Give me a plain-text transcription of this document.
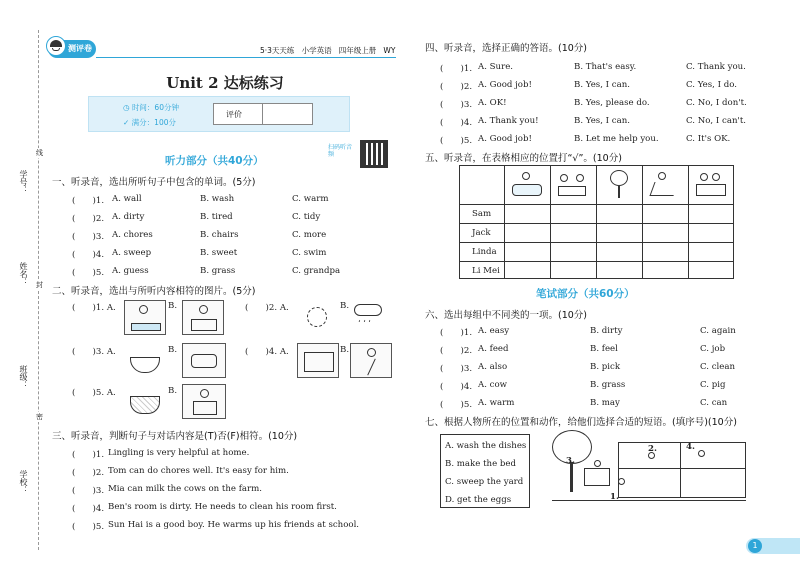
线
封
密
学号：
姓名：
班级：
学校：
测评卷	5·3天天练 小学英语 四年级上册 WY
Unit 2 达标练习
◷ 时间：60分钟
✓ 满分：100分
评价
扫码听音频
听力部分（共40分）
一、听录音，选出所听句子中包含的单词。(5分)
(　　)1. A. wall	B. wash	C. warm
(　　)2. A. dirty	B. tired	C. tidy
(　　)3. A. chores	B. chairs	C. more
(　　)4. A. sweep	B. sweet	C. swim
(　　)5. A. guess	B. grass	C. grandpa
二、听录音，选出与所听内容相符的图片。(5分)
(　　)1. A.	B.	(　　)2. A.	B.
ʻ ʻ ʻ
(　　)3. A.	B.	(　　)4. A.	B.
(　　)5. A.	B.
三、听录音，判断句子与对话内容是(T)否(F)相符。(10分)
(　　)1. Lingling is very helpful at home.
(　　)2. Tom can do chores well. It's easy for him.
(　　)3. Mia can milk the cows on the farm.
(　　)4. Ben's room is dirty. He needs to clean his room first.
(　　)5. Sun Hai is a good boy. He warms up his friends at school.
四、听录音，选择正确的答语。(10分)
(　　)1. A. Sure.	B. That's easy.	C. Thank you.
(　　)2. A. Good job!	B. Yes, I can.	C. Yes, I do.
(　　)3. A. OK!	B. Yes, please do.	C. No, I don't.
(　　)4. A. Thank you!	B. Yes, I can.	C. No, I can't.
(　　)5. A. Good job!	B. Let me help you.	C. It's OK.
五、听录音，在表格相应的位置打“√”。(10分)
Sam
Jack
Linda
Li Mei
笔试部分（共60分）
六、选出每组中不同类的一项。(10分)
(　　)1. A. easy	B. dirty	C. again
(　　)2. A. feed	B. feel	C. job
(　　)3. A. also	B. pick	C. clean
(　　)4. A. cow	B. grass	C. pig
(　　)5. A. warm	B. may	C. can
七、根据人物所在的位置和动作，给他们选择合适的短语。(填序号)(10分)
A. wash the dishes
B. make the bed
C. sweep the yard
D. get the eggs	1.
2.
3.
4.
1
